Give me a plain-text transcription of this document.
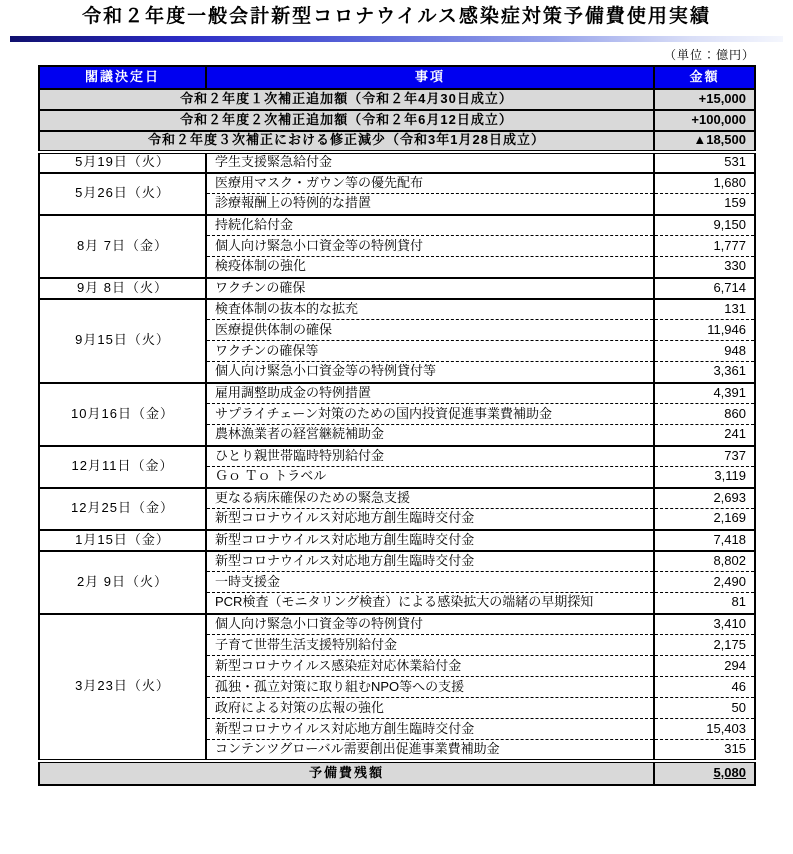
令和２年度一般会計新型コロナウイルス感染症対策予備費使用実績
（単位：億円）
閣議決定日	事項	金額
令和２年度１次補正追加額（令和２年4月30日成立）		+15,000
令和２年度２次補正追加額（令和２年6月12日成立）		+100,000
令和２年度３次補正における修正減少（令和3年1月28日成立）		▲18,500
5月19日（火）	学生支援緊急給付金	531
5月26日（火）	医療用マスク・ガウン等の優先配布	1,680
	診療報酬上の特例的な措置	159
8月 7日（金）	持続化給付金	9,150
	個人向け緊急小口資金等の特例貸付	1,777
	検疫体制の強化	330
9月 8日（火）	ワクチンの確保	6,714
9月15日（火）	検査体制の抜本的な拡充	131
	医療提供体制の確保	11,946
	ワクチンの確保等	948
	個人向け緊急小口資金等の特例貸付等	3,361
10月16日（金）	雇用調整助成金の特例措置	4,391
	サプライチェーン対策のための国内投資促進事業費補助金	860
	農林漁業者の経営継続補助金	241
12月11日（金）	ひとり親世帯臨時特別給付金	737
	Ｇｏ Ｔｏ トラベル	3,119
12月25日（金）	更なる病床確保のための緊急支援	2,693
	新型コロナウイルス対応地方創生臨時交付金	2,169
1月15日（金）	新型コロナウイルス対応地方創生臨時交付金	7,418
2月 9日（火）	新型コロナウイルス対応地方創生臨時交付金	8,802
	一時支援金	2,490
	PCR検査（モニタリング検査）による感染拡大の端緒の早期探知	81
3月23日（火）	個人向け緊急小口資金等の特例貸付	3,410
	子育て世帯生活支援特別給付金	2,175
	新型コロナウイルス感染症対応休業給付金	294
	孤独・孤立対策に取り組むNPO等への支援	46
	政府による対策の広報の強化	50
	新型コロナウイルス対応地方創生臨時交付金	15,403
	コンテンツグローバル需要創出促進事業費補助金	315
予備費残額		5,080
